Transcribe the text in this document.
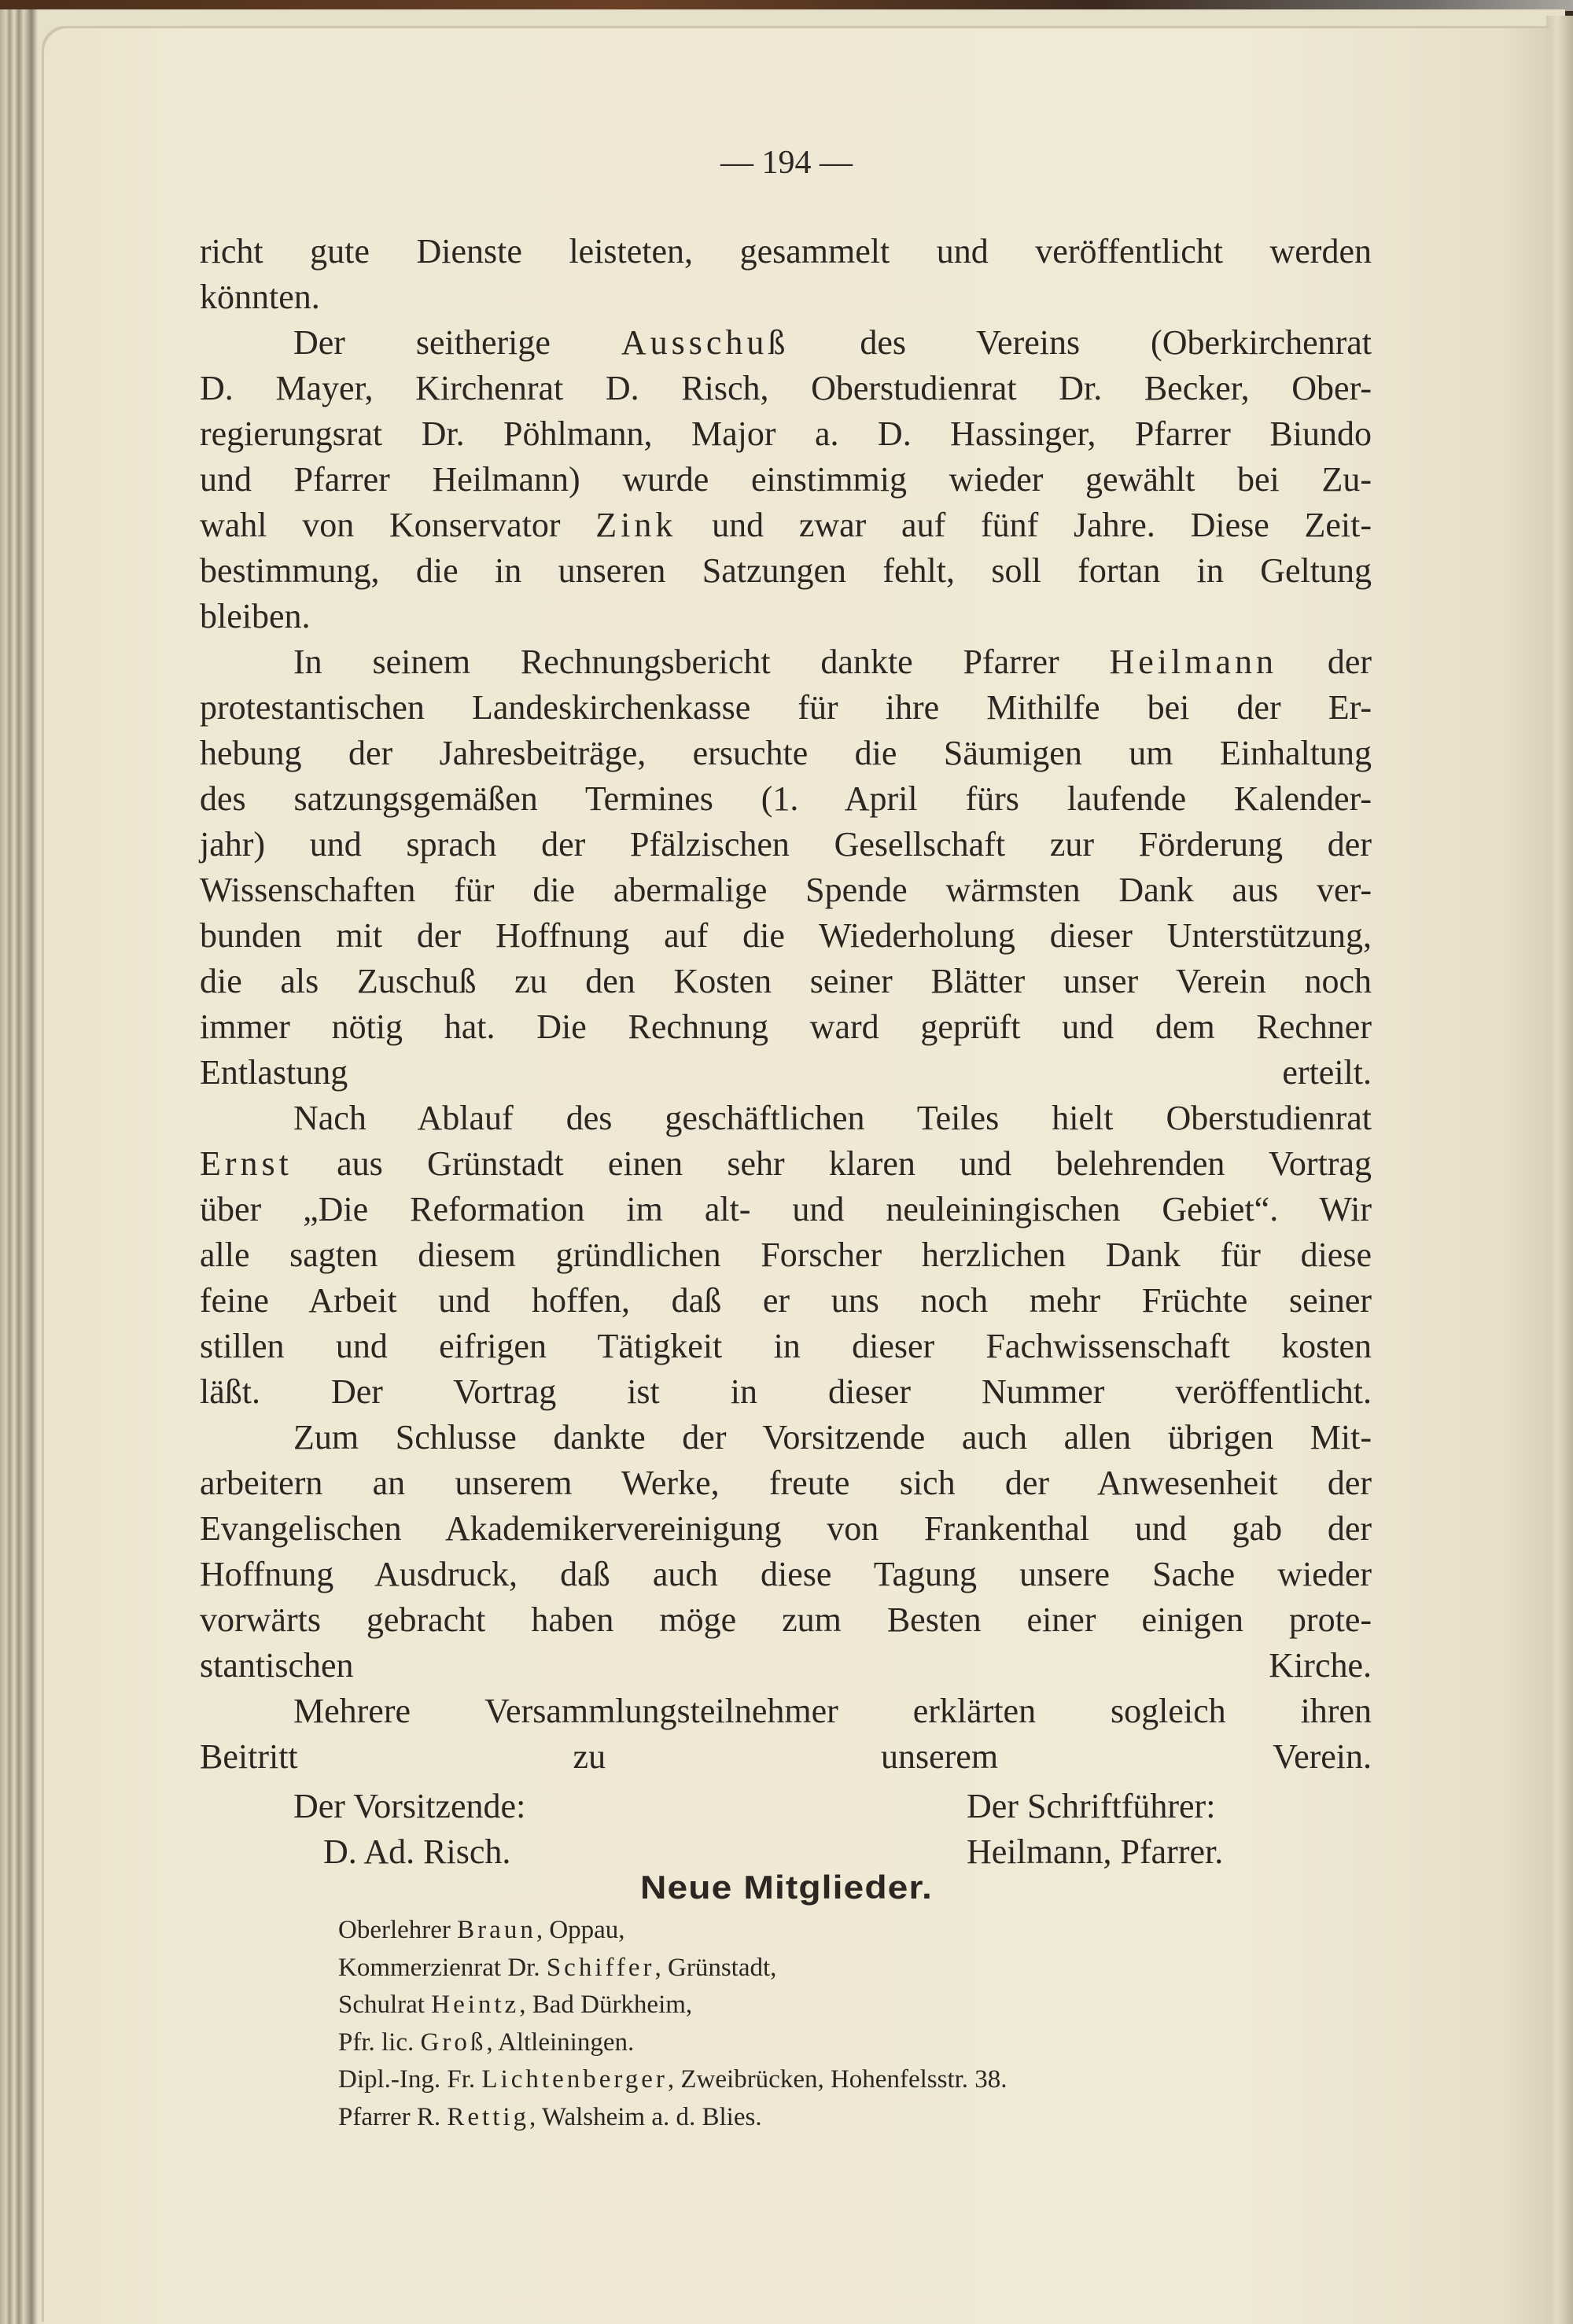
— 194 —
richt gute Dienste leisteten, gesammelt und veröffentlicht werden
könnten.
Der seitherige Ausschuß des Vereins (Oberkirchenrat
D. Mayer, Kirchenrat D. Risch, Oberstudienrat Dr. Becker, Ober-
regierungsrat Dr. Pöhlmann, Major a. D. Hassinger, Pfarrer Biundo
und Pfarrer Heilmann) wurde einstimmig wieder gewählt bei Zu-
wahl von Konservator Zink und zwar auf fünf Jahre. Diese Zeit-
bestimmung, die in unseren Satzungen fehlt, soll fortan in Geltung
bleiben.
In seinem Rechnungsbericht dankte Pfarrer Heilmann der
protestantischen Landeskirchenkasse für ihre Mithilfe bei der Er-
hebung der Jahresbeiträge, ersuchte die Säumigen um Einhaltung
des satzungsgemäßen Termines (1. April fürs laufende Kalender-
jahr) und sprach der Pfälzischen Gesellschaft zur Förderung der
Wissenschaften für die abermalige Spende wärmsten Dank aus ver-
bunden mit der Hoffnung auf die Wiederholung dieser Unterstützung,
die als Zuschuß zu den Kosten seiner Blätter unser Verein noch
immer nötig hat. Die Rechnung ward geprüft und dem Rechner
Entlastung erteilt.
Nach Ablauf des geschäftlichen Teiles hielt Oberstudienrat
Ernst aus Grünstadt einen sehr klaren und belehrenden Vortrag
über „Die Reformation im alt- und neuleiningischen Gebiet“. Wir
alle sagten diesem gründlichen Forscher herzlichen Dank für diese
feine Arbeit und hoffen, daß er uns noch mehr Früchte seiner
stillen und eifrigen Tätigkeit in dieser Fachwissenschaft kosten
läßt. Der Vortrag ist in dieser Nummer veröffentlicht.
Zum Schlusse dankte der Vorsitzende auch allen übrigen Mit-
arbeitern an unserem Werke, freute sich der Anwesenheit der
Evangelischen Akademikervereinigung von Frankenthal und gab der
Hoffnung Ausdruck, daß auch diese Tagung unsere Sache wieder
vorwärts gebracht haben möge zum Besten einer einigen prote-
stantischen Kirche.
Mehrere Versammlungsteilnehmer erklärten sogleich ihren
Beitritt zu unserem Verein.
Der Vorsitzende:
D. Ad. Risch.
Der Schriftführer:
Heilmann, Pfarrer.
Neue Mitglieder.
Oberlehrer Braun, Oppau,
Kommerzienrat Dr. Schiffer, Grünstadt,
Schulrat Heintz, Bad Dürkheim,
Pfr. lic. Groß, Altleiningen.
Dipl.-Ing. Fr. Lichtenberger, Zweibrücken, Hohenfelsstr. 38.
Pfarrer R. Rettig, Walsheim a. d. Blies.
